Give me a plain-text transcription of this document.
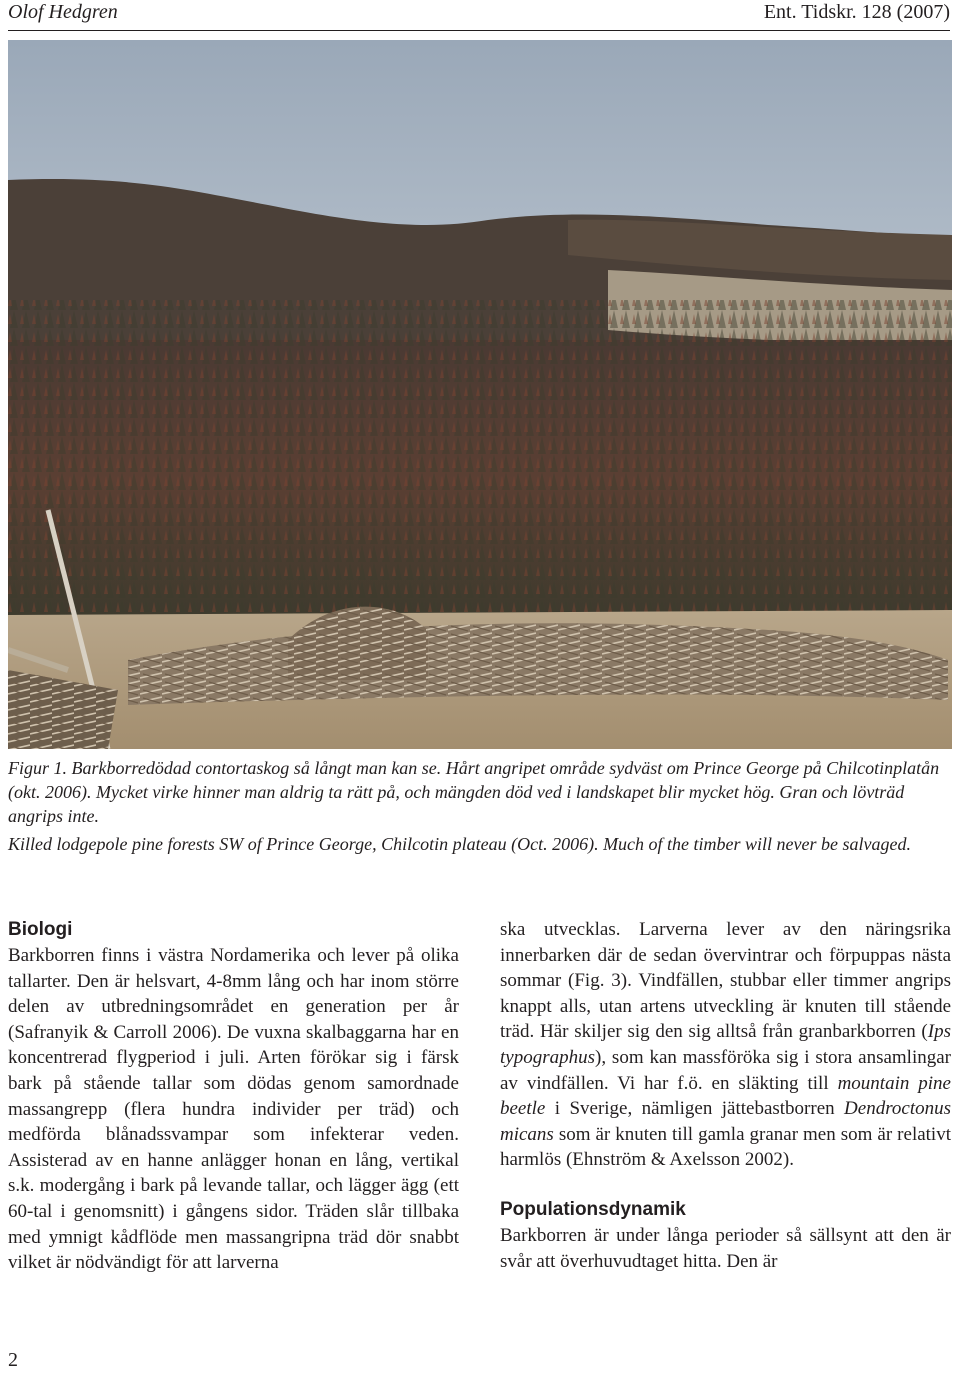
Olof Hedgren	Ent. Tidskr. 128 (2007)
Figur 1. Barkborredödad contortaskog så långt man kan se. Hårt angripet område sydväst om Prince George på Chilcotinplatån (okt. 2006). Mycket virke hinner man aldrig ta rätt på, och mängden död ved i landskapet blir mycket hög. Gran och lövträd angrips inte.
Killed lodgepole pine forests SW of Prince George, Chilcotin plateau (Oct. 2006). Much of the timber will never be salvaged.
Biologi

Barkborren finns i västra Nordamerika och lever på olika tallarter. Den är helsvart, 4-8mm lång och har inom större delen av utbredningsområdet en generation per år (Safranyik & Carroll 2006). De vuxna skalbaggarna har en koncentrerad flygperiod i juli. Arten förökar sig i färsk bark på stående tallar som dödas genom samordnade massangrepp (flera hundra individer per träd) och medförda blånadssvampar som infekterar veden. Assisterad av en hanne anlägger honan en lång, vertikal s.k. modergång i bark på levande tallar, och lägger ägg (ett 60-tal i genomsnitt) i gångens sidor. Träden slår tillbaka med ymnigt kådflöde men massangripna träd dör snabbt vilket är nödvändigt för att larverna

ska utvecklas. Larverna lever av den näringsrika innerbarken där de sedan övervintrar och förpuppas nästa sommar (Fig. 3). Vindfällen, stubbar eller timmer angrips knappt alls, utan artens utveckling är knuten till stående träd. Här skiljer sig den sig alltså från granbarkborren (Ips typographus), som kan massföröka sig i stora ansamlingar av vindfällen. Vi har f.ö. en släkting till mountain pine beetle i Sverige, nämligen jättebastborren Dendroctonus micans som är knuten till gamla granar men som är relativt harmlös (Ehnström & Axelsson 2002).

Populationsdynamik

Barkborren är under långa perioder så sällsynt att den är svår att överhuvudtaget hitta. Den är

2
